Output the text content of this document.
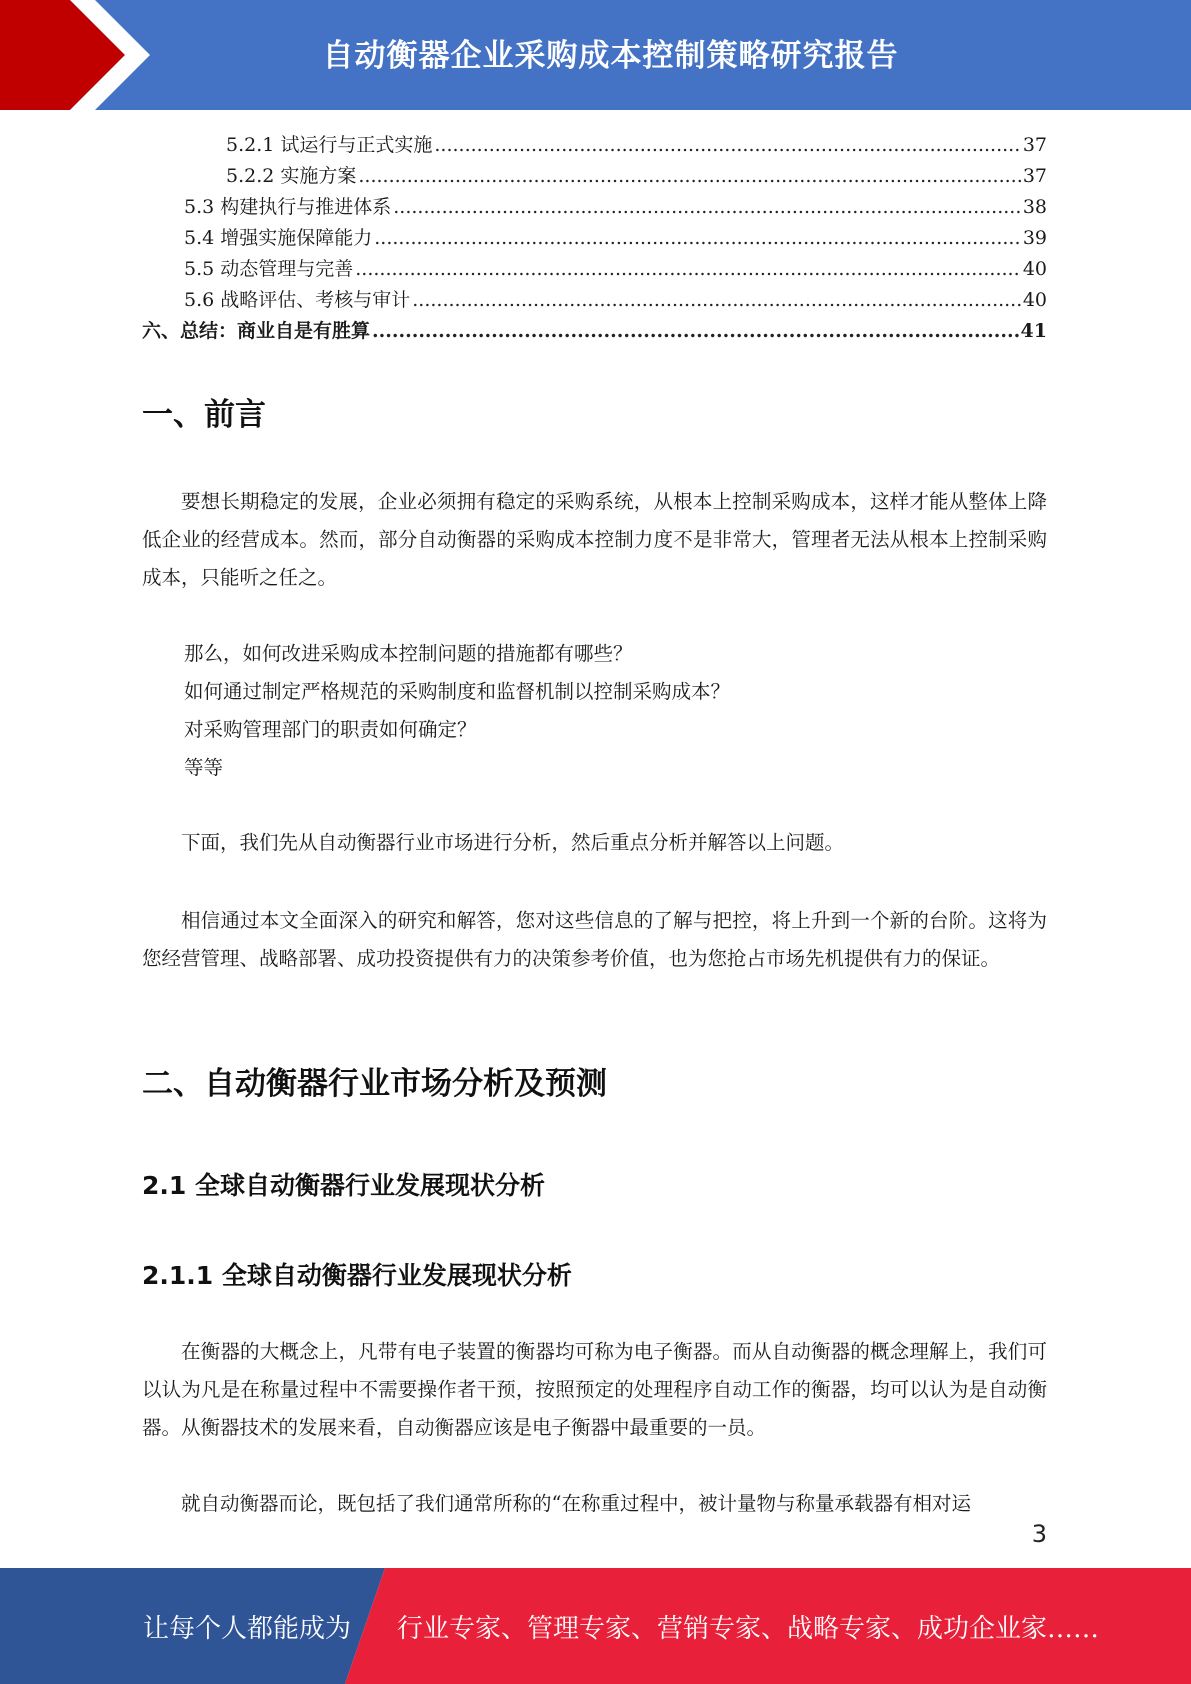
自动衡器企业采购成本控制策略研究报告
5.2.1 试运行与正式实施 .....	37
5.2.2 实施方案 .....	37
5.3 构建执行与推进体系 .....	38
5.4 增强实施保障能力 .....	39
5.5 动态管理与完善 .....	40
5.6 战略评估、考核与审计 .....	40
六、总结：商业自是有胜算 .....	41
一、前言

要想长期稳定的发展，企业必须拥有稳定的采购系统，从根本上控制采购成本，这样才能从整体上降低企业的经营成本。然而，部分自动衡器的采购成本控制力度不是非常大，管理者无法从根本上控制采购成本，只能听之任之。

那么，如何改进采购成本控制问题的措施都有哪些？
如何通过制定严格规范的采购制度和监督机制以控制采购成本？
对采购管理部门的职责如何确定？
等等

下面，我们先从自动衡器行业市场进行分析，然后重点分析并解答以上问题。

相信通过本文全面深入的研究和解答，您对这些信息的了解与把控，将上升到一个新的台阶。这将为您经营管理、战略部署、成功投资提供有力的决策参考价值，也为您抢占市场先机提供有力的保证。

二、自动衡器行业市场分析及预测
2.1 全球自动衡器行业发展现状分析
2.1.1 全球自动衡器行业发展现状分析

在衡器的大概念上，凡带有电子装置的衡器均可称为电子衡器。而从自动衡器的概念理解上，我们可以认为凡是在称量过程中不需要操作者干预，按照预定的处理程序自动工作的衡器，均可以认为是自动衡器。从衡器技术的发展来看，自动衡器应该是电子衡器中最重要的一员。

就自动衡器而论，既包括了我们通常所称的“在称重过程中，被计量物与称量承载器有相对运

3
让每个人都能成为 行业专家、管理专家、营销专家、战略专家、成功企业家……
